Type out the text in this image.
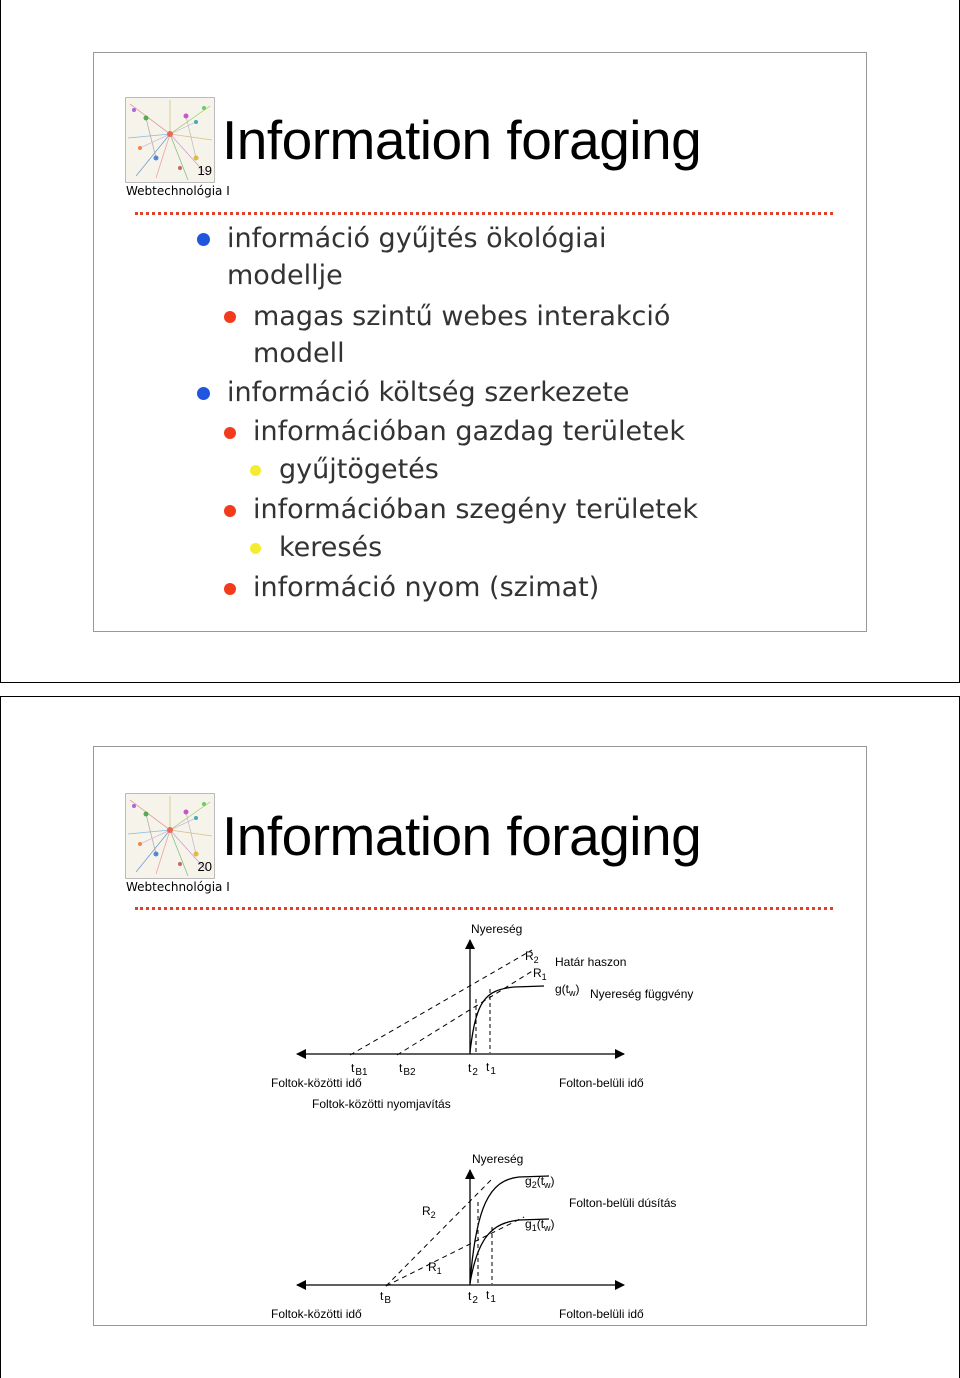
19
Webtechnológia I
Information foraging
információ gyűjtés ökológiai
modellje
magas szintű webes interakció
modell
információ költség szerkezete
információban gazdag területek
gyűjtögetés
információban szegény területek
keresés
információ nyom (szimat)
20
Webtechnológia I
Information foraging
Nyereség
$R_2$
$R_1$
Határ haszon
$g(t_w)$ Nyereség függvény
$t_{B1}$	$t_{B2}$	$t_2$ $t_1$
Foltok-közötti idő	Folton-belüli idő
Foltok-közötti nyomjavítás
Nyereség
$g_2(t_w)$
$g_1(t_w)$
Folton-belüli dúsítás
$R_2$
$R_1$
$t_B$	$t_2$ $t_1$
Foltok-közötti idő	Folton-belüli idő
